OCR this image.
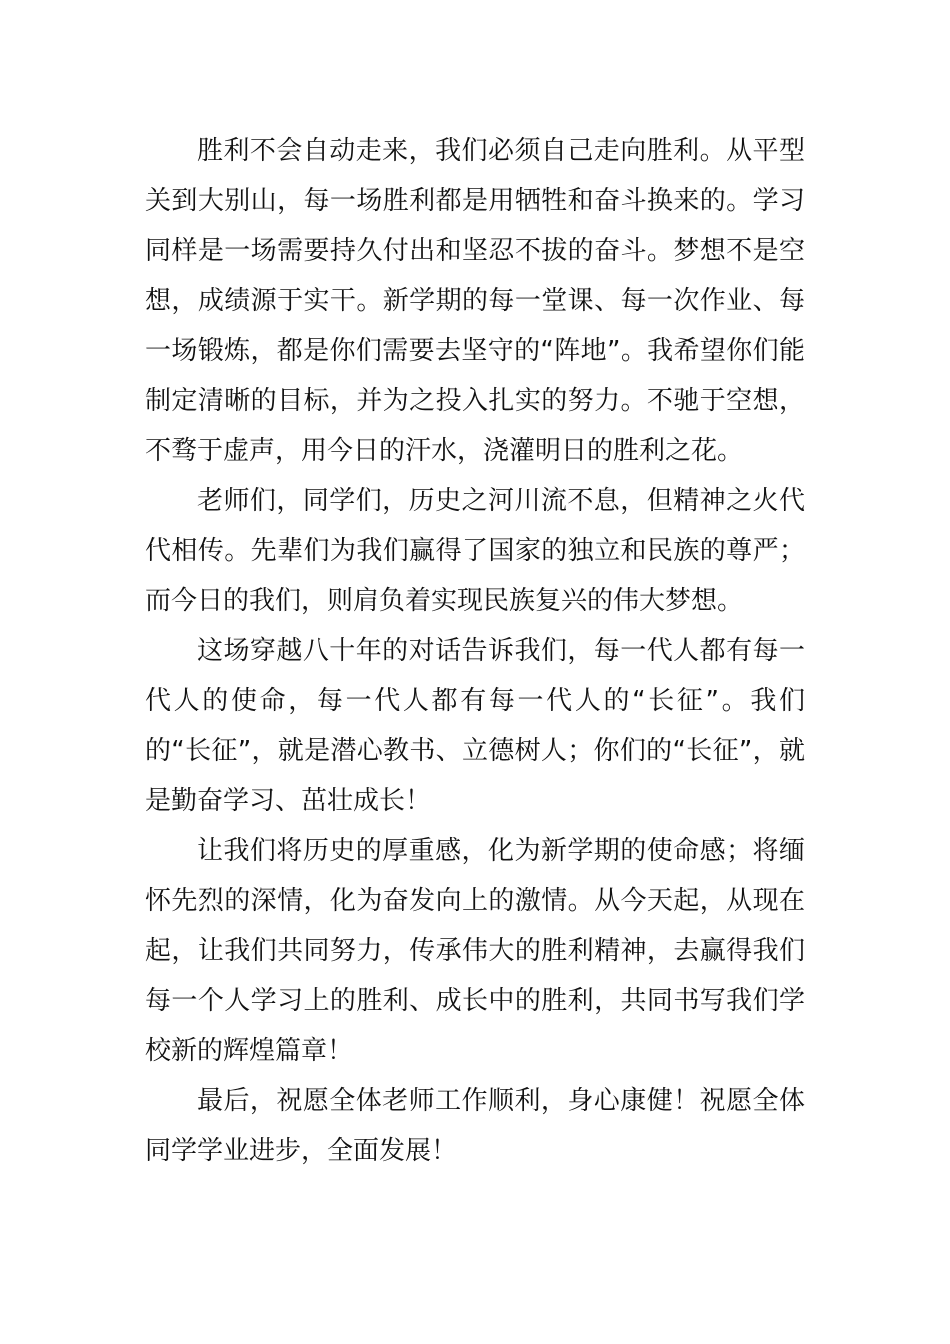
胜利不会自动走来，我们必须自己走向胜利。从平型关到大别山，每一场胜利都是用牺牲和奋斗换来的。学习同样是一场需要持久付出和坚忍不拔的奋斗。梦想不是空想，成绩源于实干。新学期的每一堂课、每一次作业、每一场锻炼，都是你们需要去坚守的“阵地”。我希望你们能制定清晰的目标，并为之投入扎实的努力。不驰于空想，不骛于虚声，用今日的汗水，浇灌明日的胜利之花。

老师们，同学们，历史之河川流不息，但精神之火代代相传。先辈们为我们赢得了国家的独立和民族的尊严；而今日的我们，则肩负着实现民族复兴的伟大梦想。

这场穿越八十年的对话告诉我们，每一代人都有每一代人的使命，每一代人都有每一代人的“长征”。我们的“长征”，就是潜心教书、立德树人；你们的“长征”，就是勤奋学习、茁壮成长！

让我们将历史的厚重感，化为新学期的使命感；将缅怀先烈的深情，化为奋发向上的激情。从今天起，从现在起，让我们共同努力，传承伟大的胜利精神，去赢得我们每一个人学习上的胜利、成长中的胜利，共同书写我们学校新的辉煌篇章！

最后，祝愿全体老师工作顺利，身心康健！祝愿全体同学学业进步，全面发展！
